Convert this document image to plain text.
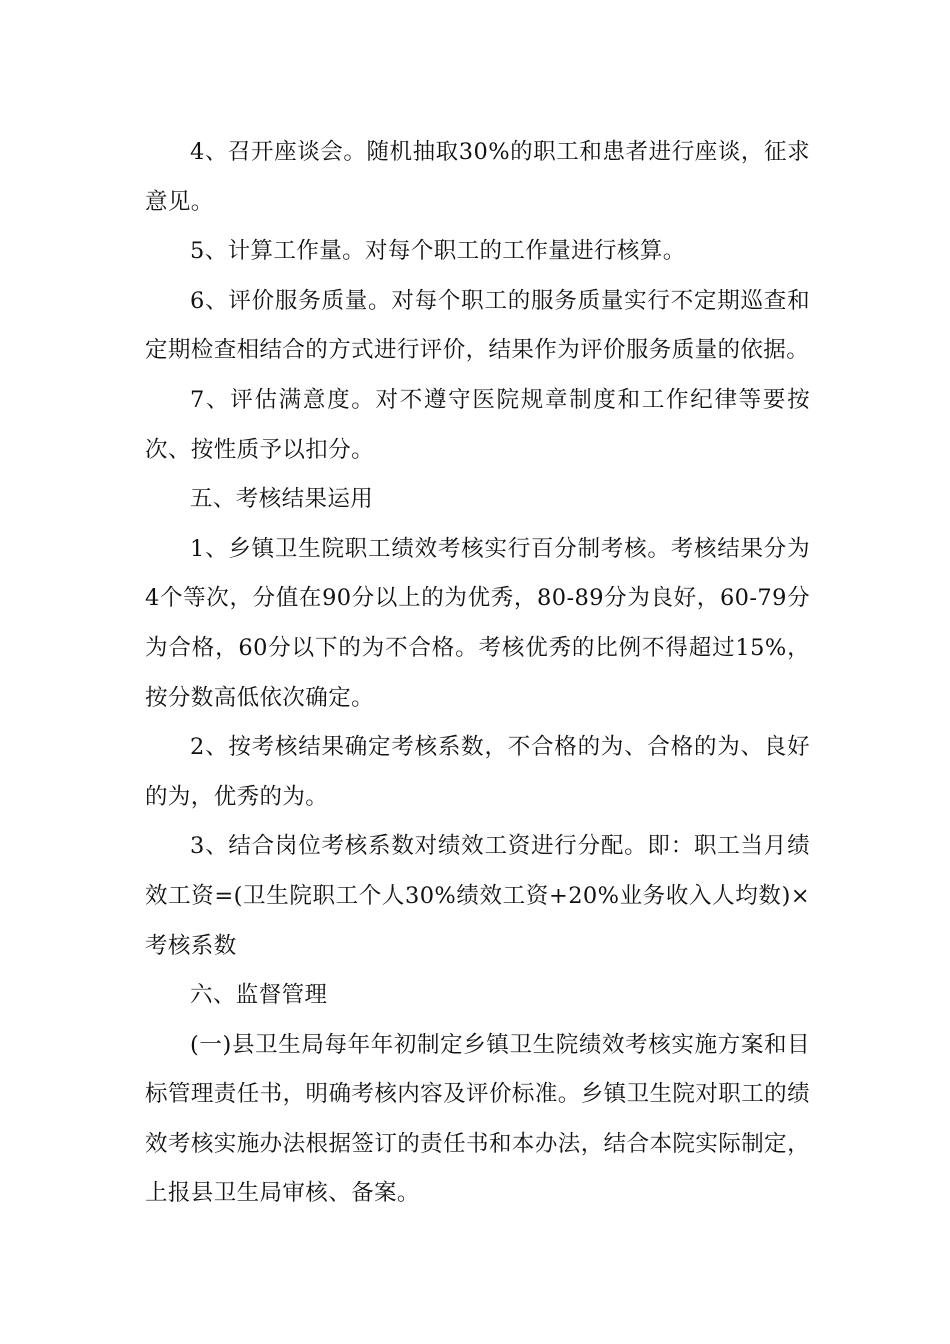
4、召开座谈会。随机抽取30%的职工和患者进行座谈，征求意见。

5、计算工作量。对每个职工的工作量进行核算。

6、评价服务质量。对每个职工的服务质量实行不定期巡查和定期检查相结合的方式进行评价，结果作为评价服务质量的依据。

7、评估满意度。对不遵守医院规章制度和工作纪律等要按次、按性质予以扣分。

五、考核结果运用

1、乡镇卫生院职工绩效考核实行百分制考核。考核结果分为4个等次，分值在90分以上的为优秀，80-89分为良好，60-79分为合格，60分以下的为不合格。考核优秀的比例不得超过15%，按分数高低依次确定。

2、按考核结果确定考核系数，不合格的为、合格的为、良好的为，优秀的为。

3、结合岗位考核系数对绩效工资进行分配。即：职工当月绩效工资=(卫生院职工个人30%绩效工资+20%业务收入人均数)×考核系数

六、监督管理

(一)县卫生局每年年初制定乡镇卫生院绩效考核实施方案和目标管理责任书，明确考核内容及评价标准。乡镇卫生院对职工的绩效考核实施办法根据签订的责任书和本办法，结合本院实际制定，上报县卫生局审核、备案。
